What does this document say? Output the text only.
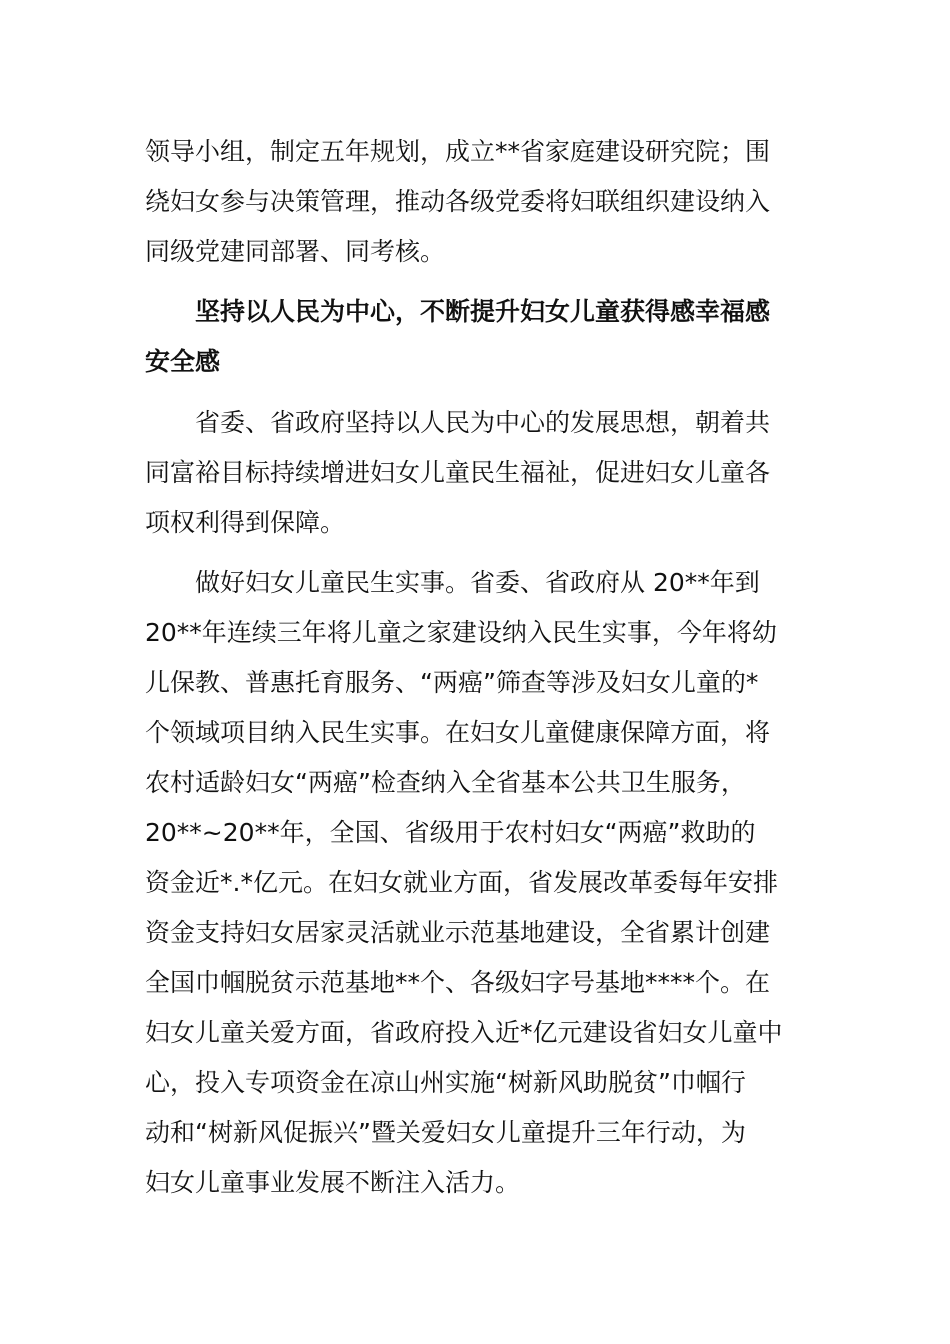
领导小组，制定五年规划，成立**省家庭建设研究院；围
绕妇女参与决策管理，推动各级党委将妇联组织建设纳入
同级党建同部署、同考核。
坚持以人民为中心，不断提升妇女儿童获得感幸福感
安全感
省委、省政府坚持以人民为中心的发展思想，朝着共
同富裕目标持续增进妇女儿童民生福祉，促进妇女儿童各
项权利得到保障。
做好妇女儿童民生实事。省委、省政府从 20**年到
20**年连续三年将儿童之家建设纳入民生实事，今年将幼
儿保教、普惠托育服务、“两癌”筛查等涉及妇女儿童的*
个领域项目纳入民生实事。在妇女儿童健康保障方面，将
农村适龄妇女“两癌”检查纳入全省基本公共卫生服务，
20**~20**年，全国、省级用于农村妇女“两癌”救助的
资金近*.*亿元。在妇女就业方面，省发展改革委每年安排
资金支持妇女居家灵活就业示范基地建设，全省累计创建
全国巾帼脱贫示范基地**个、各级妇字号基地****个。在
妇女儿童关爱方面，省政府投入近*亿元建设省妇女儿童中
心，投入专项资金在凉山州实施“树新风助脱贫”巾帼行
动和“树新风促振兴”暨关爱妇女儿童提升三年行动，为
妇女儿童事业发展不断注入活力。
